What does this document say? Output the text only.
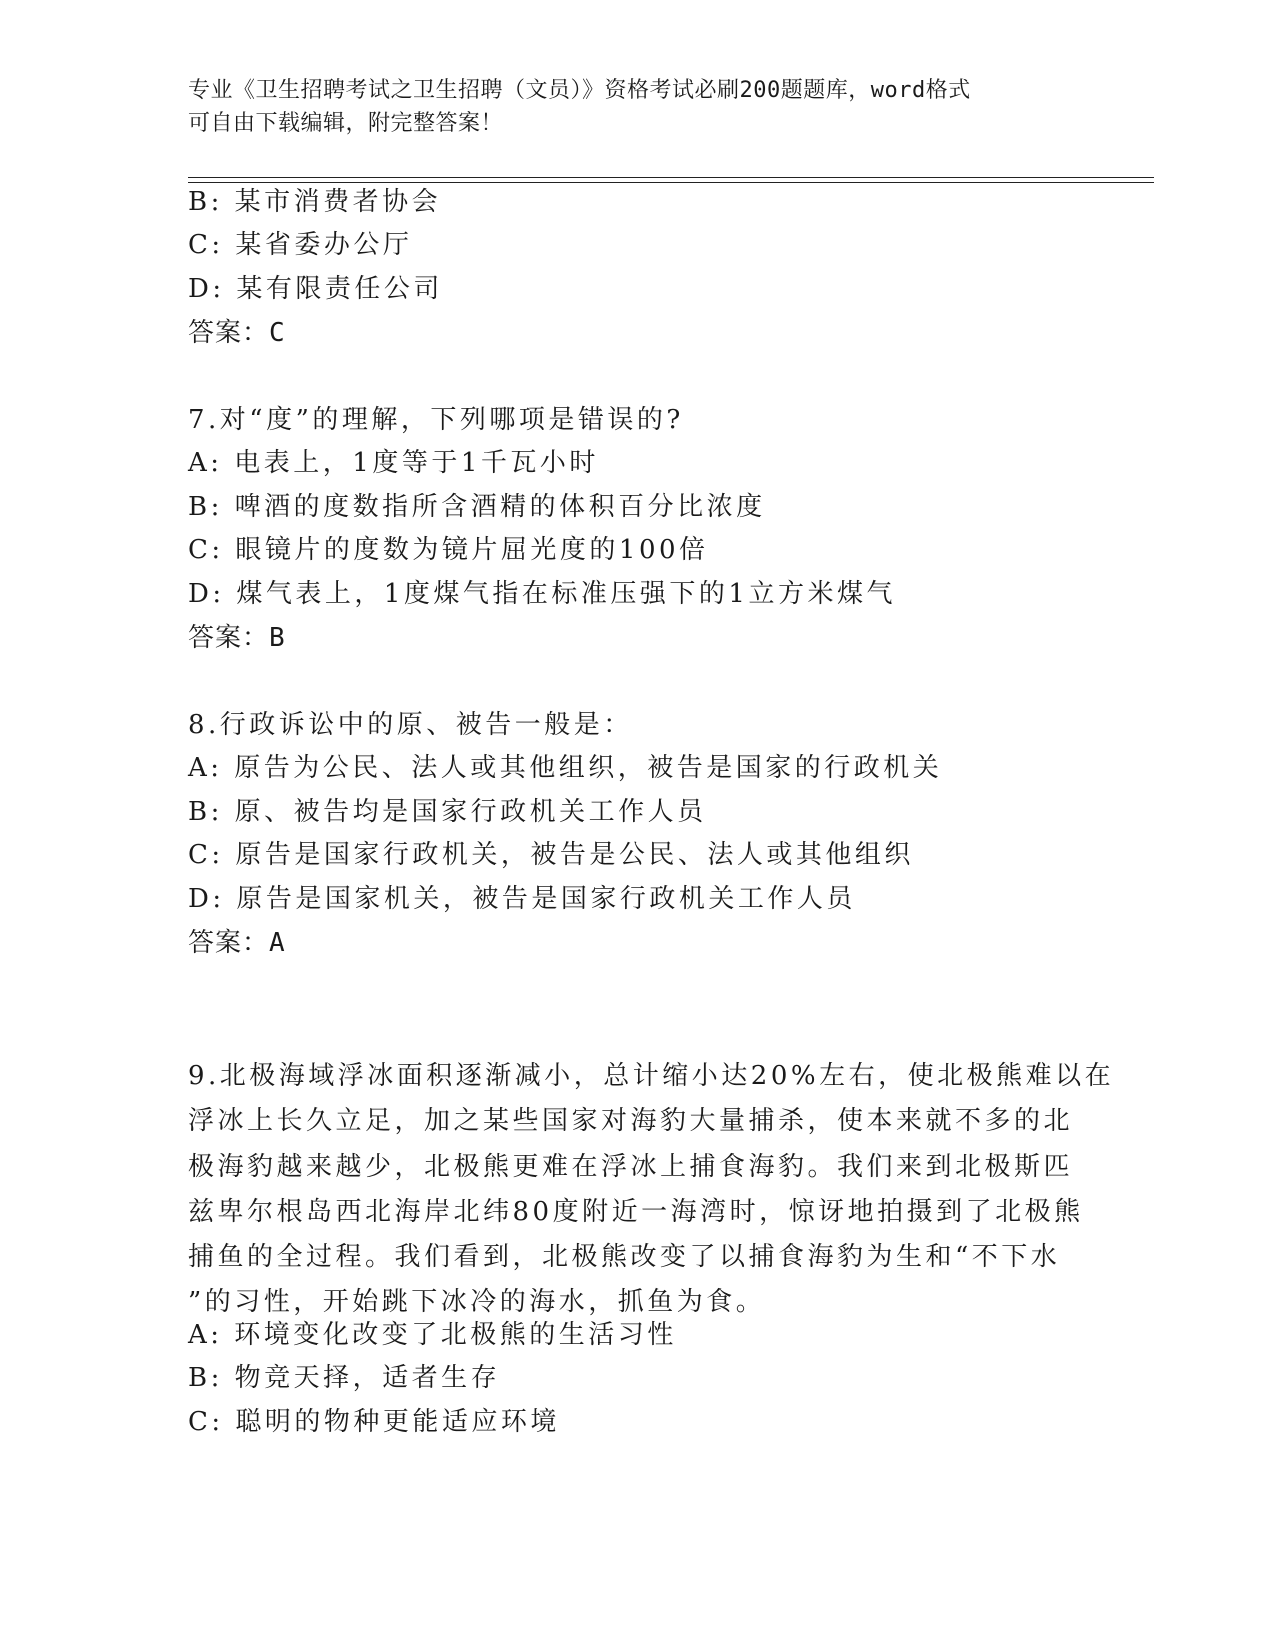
专业《卫生招聘考试之卫生招聘（文员）》资格考试必刷200题题库，word格式
可自由下载编辑，附完整答案！
B: 某市消费者协会
C: 某省委办公厅
D: 某有限责任公司
答案：C
7.对“度”的理解，下列哪项是错误的?
A: 电表上，1度等于1千瓦小时
B: 啤酒的度数指所含酒精的体积百分比浓度
C: 眼镜片的度数为镜片屈光度的100倍
D: 煤气表上，1度煤气指在标准压强下的1立方米煤气
答案：B
8.行政诉讼中的原、被告一般是：
A: 原告为公民、法人或其他组织，被告是国家的行政机关
B: 原、被告均是国家行政机关工作人员
C: 原告是国家行政机关，被告是公民、法人或其他组织
D: 原告是国家机关，被告是国家行政机关工作人员
答案：A
9.北极海域浮冰面积逐渐减小，总计缩小达20%左右，使北极熊难以在
浮冰上长久立足，加之某些国家对海豹大量捕杀，使本来就不多的北
极海豹越来越少，北极熊更难在浮冰上捕食海豹。我们来到北极斯匹
兹卑尔根岛西北海岸北纬80度附近一海湾时，惊讶地拍摄到了北极熊
捕鱼的全过程。我们看到，北极熊改变了以捕食海豹为生和“不下水
”的习性，开始跳下冰冷的海水，抓鱼为食。
A: 环境变化改变了北极熊的生活习性
B: 物竞天择，适者生存
C: 聪明的物种更能适应环境
